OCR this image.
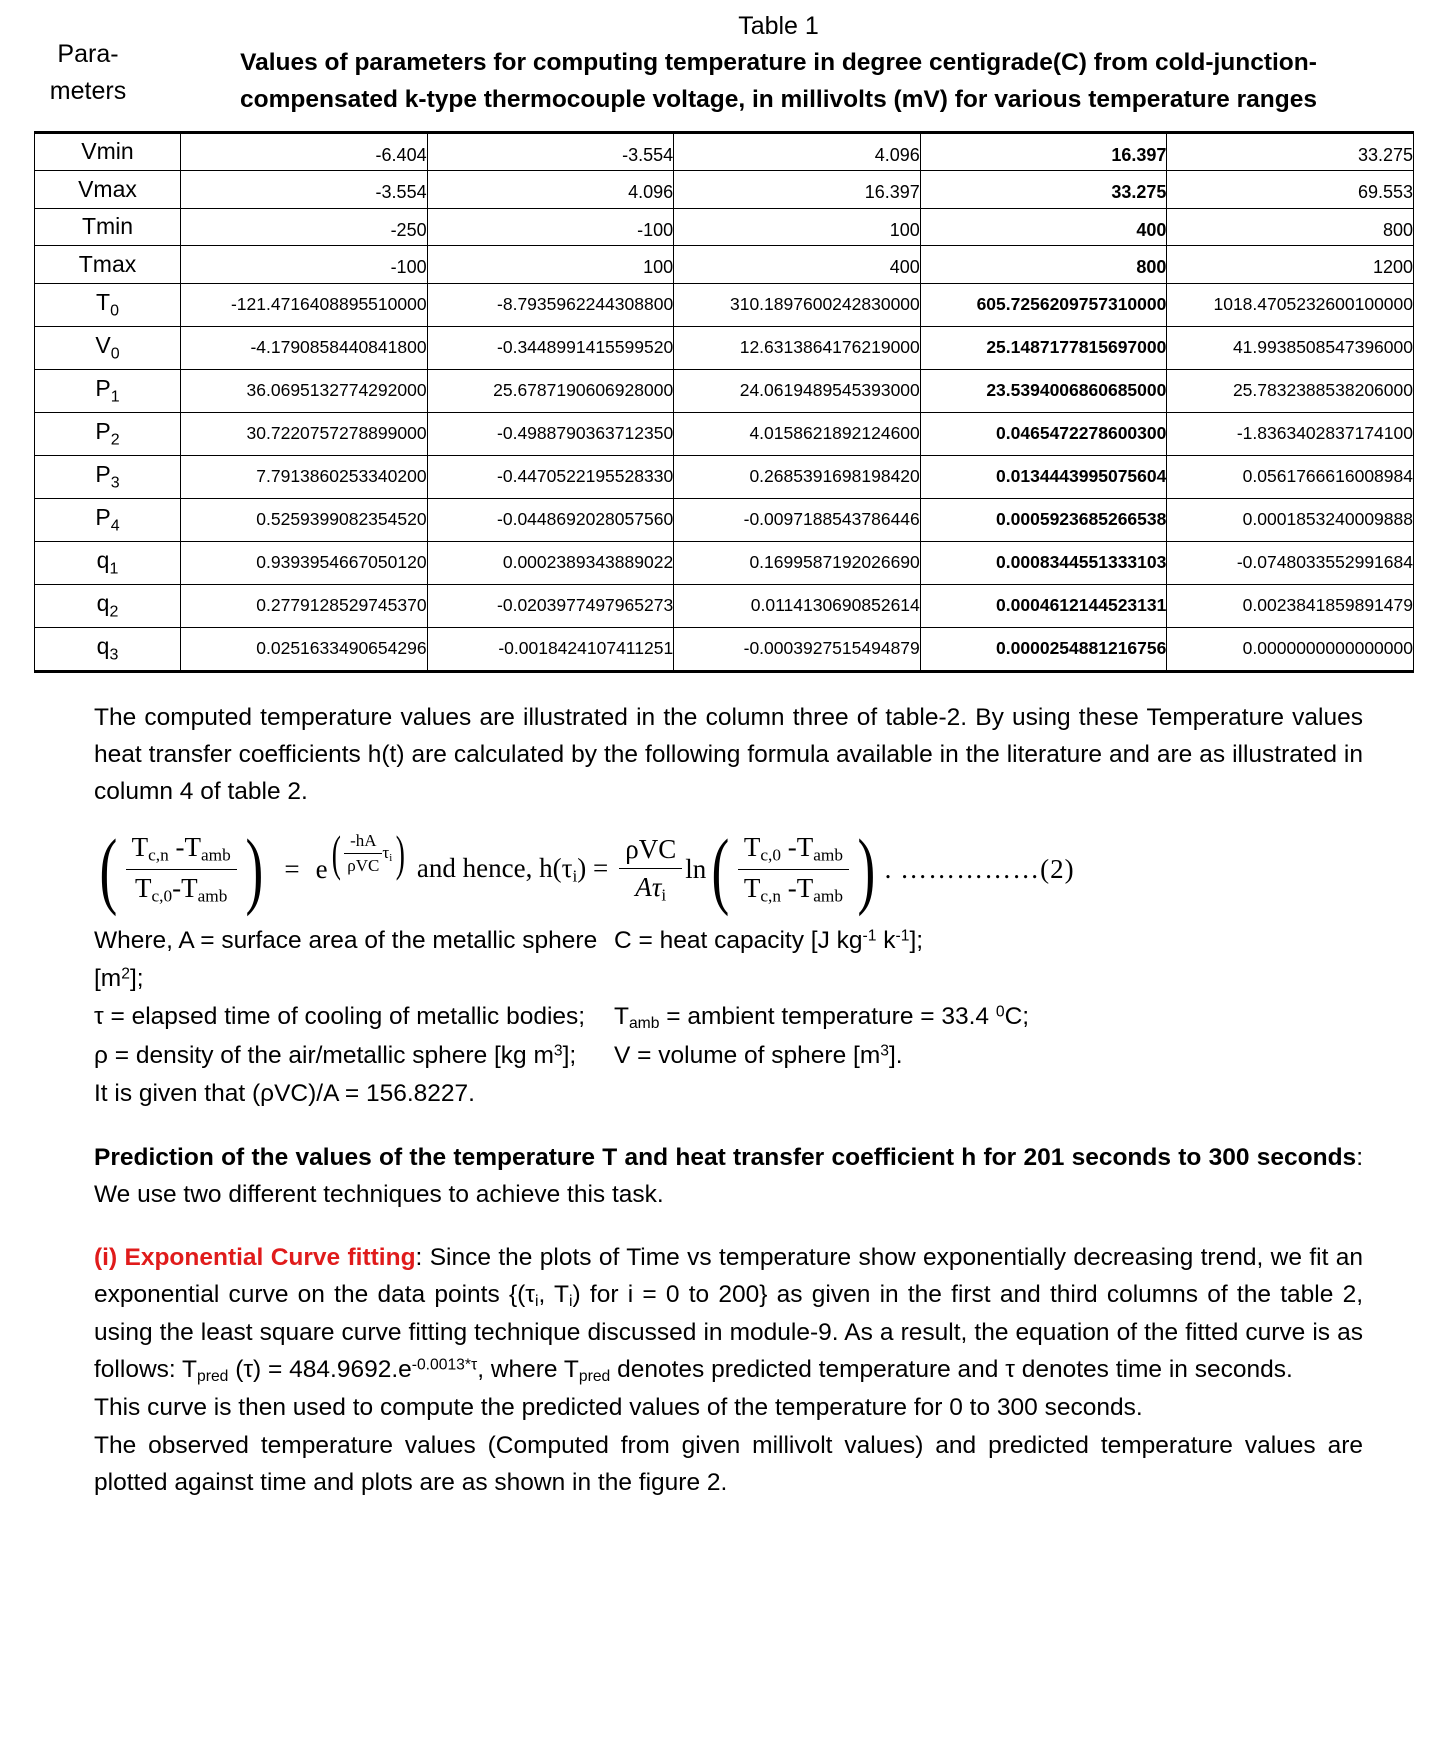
Para-
meters
Table 1
Values of parameters for computing temperature in degree centigrade(C) from cold-junction-compensated k-type thermocouple voltage, in millivolts (mV) for various temperature ranges
Vmin	-6.404	-3.554	4.096	16.397	33.275
Vmax	-3.554	4.096	16.397	33.275	69.553
Tmin	-250	-100	100	400	800
Tmax	-100	100	400	800	1200
$T_0$	-121.4716408895510000	-8.7935962244308800	310.1897600242830000	605.7256209757310000	1018.4705232600100000
$V_0$	-4.1790858440841800	-0.3448991415599520	12.6313864176219000	25.1487177815697000	41.9938508547396000
$P_1$	36.0695132774292000	25.6787190606928000	24.0619489545393000	23.5394006860685000	25.7832388538206000
$P_2$	30.7220757278899000	-0.4988790363712350	4.0158621892124600	0.0465472278600300	-1.8363402837174100
$P_3$	7.7913860253340200	-0.4470522195528330	0.2685391698198420	0.0134443995075604	0.0561766616008984
$P_4$	0.5259399082354520	-0.0448692028057560	-0.0097188543786446	0.0005923685266538	0.0001853240009888
$q_1$	0.9393954667050120	0.0002389343889022	0.1699587192026690	0.0008344551333103	-0.0748033552991684
$q_2$	0.2779128529745370	-0.0203977497965273	0.0114130690852614	0.0004612144523131	0.0023841859891479
$q_3$	0.0251633490654296	-0.0018424107411251	-0.0003927515494879	0.0000254881216756	0.0000000000000000

The computed temperature values are illustrated in the column three of table-2. By using these Temperature values heat transfer coefficients h(t) are calculated by the following formula available in the literature and are as illustrated in column 4 of table 2.

( $\frac{T_{c,n} -T_{amb}}{T_{c,0}-T_{amb}}$ ) = e ( $\frac{-hA}{\text{ρVC}} \tau_i$ ) and hence, $h(\tau_i) = \frac{\text{ρVC}}{A\tau_i}$ ln ( $\frac{T_{c,0} -T_{amb}}{T_{c,n} -T_{amb}}$ ) . ……………(2)
Where, A = surface area of the metallic sphere $[m^2]$;
C = heat capacity [J $kg^{-1}$ $k^{-1}$];
τ = elapsed time of cooling of metallic bodies;	$T_{amb}$ = ambient temperature = 33.4 $^0$C;
ρ = density of the air/metallic sphere [kg $m^3$];	V = volume of sphere $[m^3]$.
It is given that (ρVC)/A = 156.8227.

Prediction of the values of the temperature T and heat transfer coefficient h for 201 seconds to 300 seconds: We use two different techniques to achieve this task.

(i) Exponential Curve fitting: Since the plots of Time vs temperature show exponentially decreasing trend, we fit an exponential curve on the data points {($\tau_i$, $T_i$) for i = 0 to 200} as given in the first and third columns of the table 2, using the least square curve fitting technique discussed in module-9. As a result, the equation of the fitted curve is as follows: $T_{pred}$ $(\tau) = 484.9692.e^{-0.0013*\tau}$, where $T_{pred}$ denotes predicted temperature and τ denotes time in seconds.

This curve is then used to compute the predicted values of the temperature for 0 to 300 seconds.

The observed temperature values (Computed from given millivolt values) and predicted temperature values are plotted against time and plots are as shown in the figure 2.
